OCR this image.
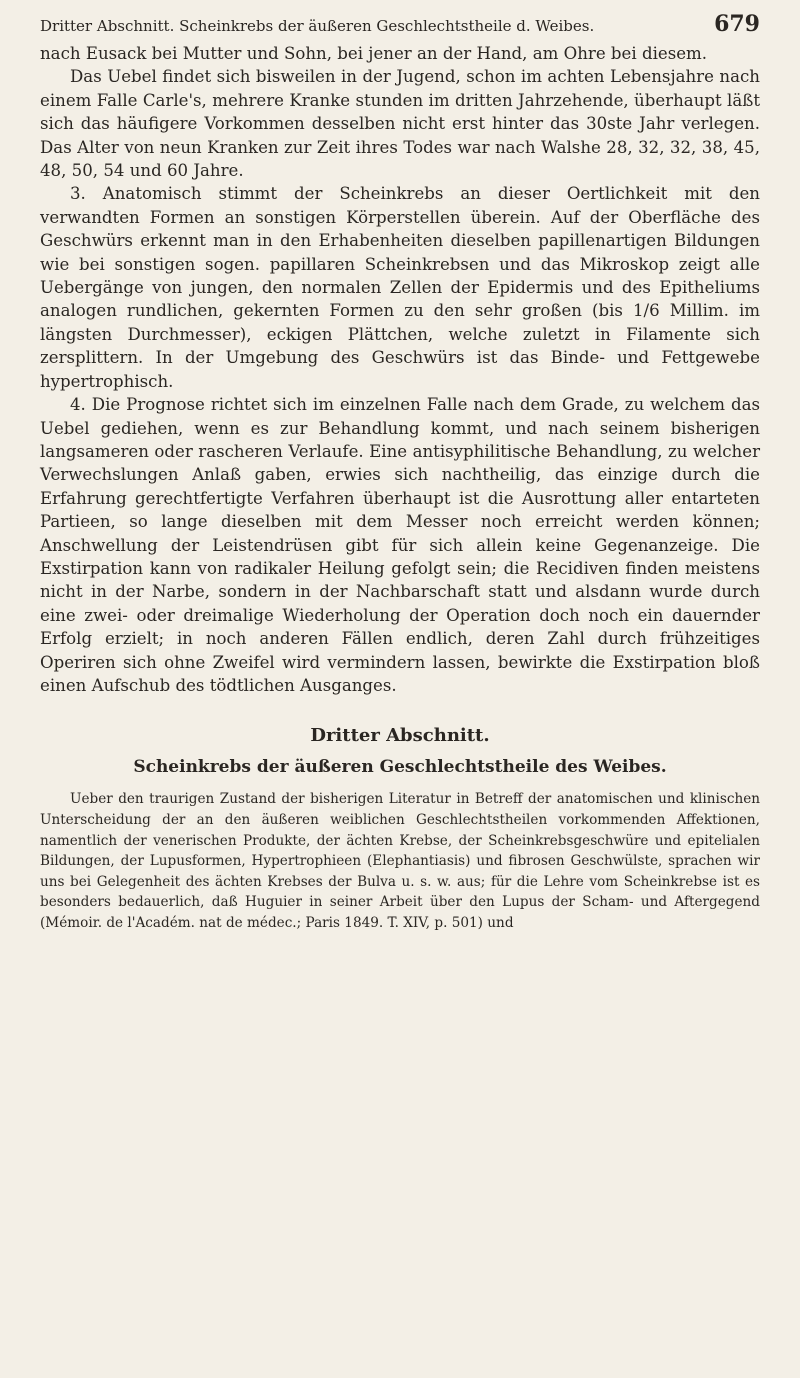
Dritter Abschnitt. Scheinkrebs der äußeren Geschlechtstheile d. Weibes.	679

nach Eusack bei Mutter und Sohn, bei jener an der Hand, am Ohre bei diesem.

Das Uebel findet sich bisweilen in der Jugend, schon im achten Lebensjahre nach einem Falle Carle's, mehrere Kranke stunden im dritten Jahrzehende, überhaupt läßt sich das häufigere Vorkommen desselben nicht erst hinter das 30ste Jahr verlegen. Das Alter von neun Kranken zur Zeit ihres Todes war nach Walshe 28, 32, 32, 38, 45, 48, 50, 54 und 60 Jahre.

3. Anatomisch stimmt der Scheinkrebs an dieser Oertlichkeit mit den verwandten Formen an sonstigen Körperstellen überein. Auf der Oberfläche des Geschwürs erkennt man in den Erhabenheiten dieselben papillenartigen Bildungen wie bei sonstigen sogen. papillaren Scheinkrebsen und das Mikroskop zeigt alle Uebergänge von jungen, den normalen Zellen der Epidermis und des Epitheliums analogen rundlichen, gekernten Formen zu den sehr großen (bis 1/6 Millim. im längsten Durchmesser), eckigen Plättchen, welche zuletzt in Filamente sich zersplittern. In der Umgebung des Geschwürs ist das Binde- und Fettgewebe hypertrophisch.

4. Die Prognose richtet sich im einzelnen Falle nach dem Grade, zu welchem das Uebel gediehen, wenn es zur Behandlung kommt, und nach seinem bisherigen langsameren oder rascheren Verlaufe. Eine antisyphilitische Behandlung, zu welcher Verwechslungen Anlaß gaben, erwies sich nachtheilig, das einzige durch die Erfahrung gerechtfertigte Verfahren überhaupt ist die Ausrottung aller entarteten Partieen, so lange dieselben mit dem Messer noch erreicht werden können; Anschwellung der Leistendrüsen gibt für sich allein keine Gegenanzeige. Die Exstirpation kann von radikaler Heilung gefolgt sein; die Recidiven finden meistens nicht in der Narbe, sondern in der Nachbarschaft statt und alsdann wurde durch eine zwei- oder dreimalige Wiederholung der Operation doch noch ein dauernder Erfolg erzielt; in noch anderen Fällen endlich, deren Zahl durch frühzeitiges Operiren sich ohne Zweifel wird vermindern lassen, bewirkte die Exstirpation bloß einen Aufschub des tödtlichen Ausganges.

Dritter Abschnitt.
Scheinkrebs der äußeren Geschlechtstheile des Weibes.

Ueber den traurigen Zustand der bisherigen Literatur in Betreff der anatomischen und klinischen Unterscheidung der an den äußeren weiblichen Geschlechtstheilen vorkommenden Affektionen, namentlich der venerischen Produkte, der ächten Krebse, der Scheinkrebsgeschwüre und epitelialen Bildungen, der Lupusformen, Hypertrophieen (Elephantiasis) und fibrosen Geschwülste, sprachen wir uns bei Gelegenheit des ächten Krebses der Bulva u. s. w. aus; für die Lehre vom Scheinkrebse ist es besonders bedauerlich, daß Huguier in seiner Arbeit über den Lupus der Scham- und Aftergegend (Mémoir. de l'Académ. nat de médec.; Paris 1849. T. XIV, p. 501) und
